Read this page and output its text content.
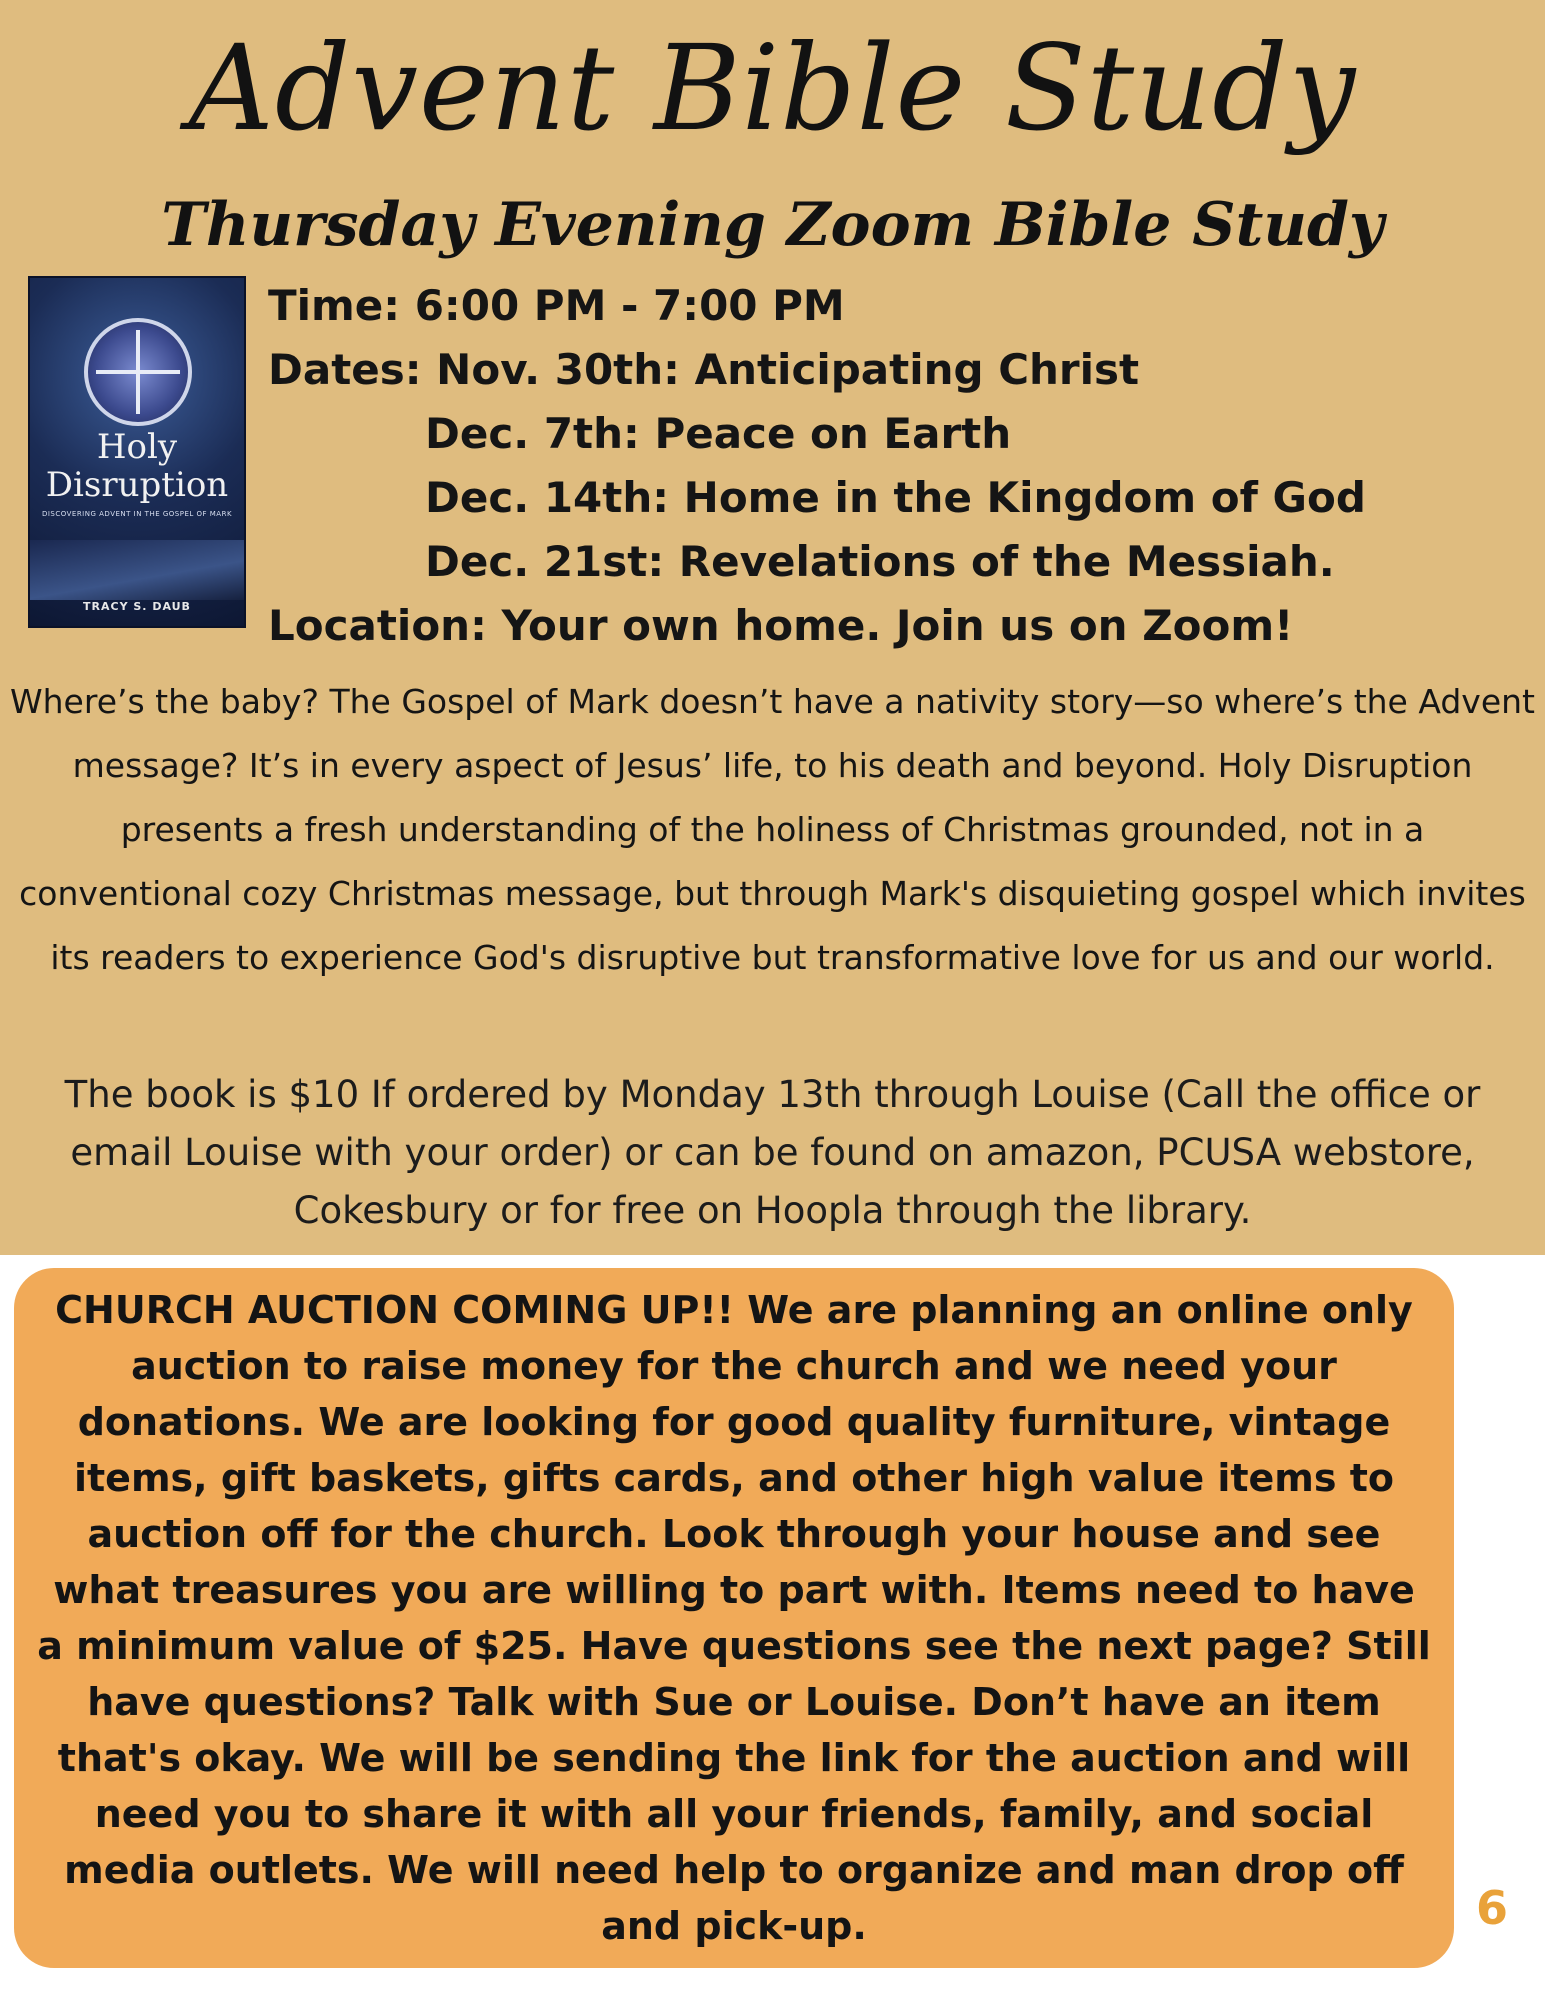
Advent Bible Study
Thursday Evening Zoom Bible Study
Holy Disruption
DISCOVERING ADVENT IN THE GOSPEL OF MARK
TRACY S. DAUB
Time: 6:00 PM - 7:00 PM
Dates: Nov. 30th: Anticipating Christ
Dec. 7th: Peace on Earth
Dec. 14th: Home in the Kingdom of God
Dec. 21st: Revelations of the Messiah.
Location: Your own home. Join us on Zoom!

Where’s the baby? The Gospel of Mark doesn’t have a nativity story—so where’s the Advent message? It’s in every aspect of Jesus’ life, to his death and beyond. Holy Disruption presents a fresh understanding of the holiness of Christmas grounded, not in a conventional cozy Christmas message, but through Mark's disquieting gospel which invites its readers to experience God's disruptive but transformative love for us and our world.

The book is $10 If ordered by Monday 13th through Louise (Call the office or email Louise with your order) or can be found on amazon, PCUSA webstore, Cokesbury or for free on Hoopla through the library.

CHURCH AUCTION COMING UP!! We are planning an online only auction to raise money for the church and we need your donations. We are looking for good quality furniture, vintage items, gift baskets, gifts cards, and other high value items to auction off for the church. Look through your house and see what treasures you are willing to part with. Items need to have a minimum value of $25. Have questions see the next page? Still have questions? Talk with Sue or Louise. Don’t have an item that's okay. We will be sending the link for the auction and will need you to share it with all your friends, family, and social media outlets. We will need help to organize and man drop off and pick-up.	6
